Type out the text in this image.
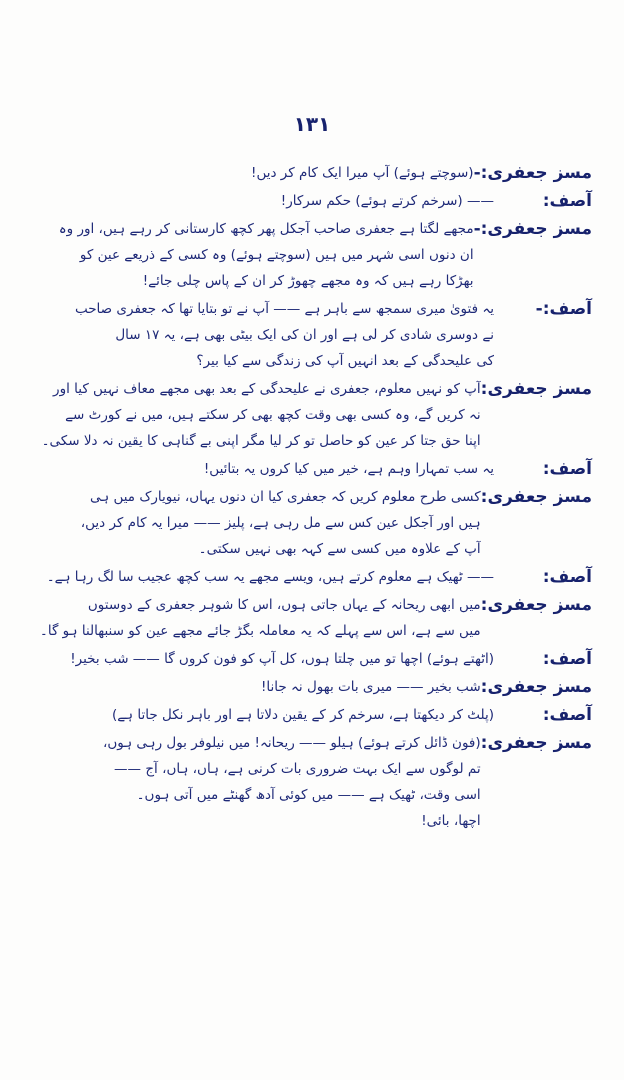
۱۳۱
مسز جعفری:-
(سوچتے ہوئے) آپ میرا ایک کام کر دیں!
آصف:
—— (سرخم کرتے ہوئے) حکم سرکار!
مسز جعفری:-
مجھے لگتا ہے جعفری صاحب آجکل پھر کچھ کارستانی کر رہے ہیں، اور وہ
ان دنوں اسی شہر میں ہیں (سوچتے ہوئے) وہ کسی کے ذریعے عین کو
بھڑکا رہے ہیں کہ وہ مجھے چھوڑ کر ان کے پاس چلی جائے!
آصف:-
یہ فتویٰ میری سمجھ سے باہر ہے —— آپ نے تو بتایا تھا کہ جعفری صاحب
نے دوسری شادی کر لی ہے اور ان کی ایک بیٹی بھی ہے، یہ ۱۷ سال
کی علیحدگی کے بعد انہیں آپ کی زندگی سے کیا بیر؟
مسز جعفری:
آپ کو نہیں معلوم، جعفری نے علیحدگی کے بعد بھی مجھے معاف نہیں کیا اور
نہ کریں گے، وہ کسی بھی وقت کچھ بھی کر سکتے ہیں، میں نے کورٹ سے
اپنا حق جتا کر عین کو حاصل تو کر لیا مگر اپنی بے گناہی کا یقین نہ دلا سکی۔
آصف:
یہ سب تمہارا وہم ہے، خیر میں کیا کروں یہ بتائیں!
مسز جعفری:
کسی طرح معلوم کریں کہ جعفری کیا ان دنوں یہاں، نیویارک میں ہی
ہیں اور آجکل عین کس سے مل رہی ہے، پلیز —— میرا یہ کام کر دیں،
آپ کے علاوہ میں کسی سے کہہ بھی نہیں سکتی۔
آصف:
—— ٹھیک ہے معلوم کرتے ہیں، ویسے مجھے یہ سب کچھ عجیب سا لگ رہا ہے۔
مسز جعفری:
میں ابھی ریحانہ کے یہاں جاتی ہوں، اس کا شوہر جعفری کے دوستوں
میں سے ہے، اس سے پہلے کہ یہ معاملہ بگڑ جائے مجھے عین کو سنبھالنا ہو گا۔
آصف:
(اٹھتے ہوئے) اچھا تو میں چلتا ہوں، کل آپ کو فون کروں گا —— شب بخیر!
مسز جعفری:
شب بخیر —— میری بات بھول نہ جانا!
آصف:
(پلٹ کر دیکھتا ہے، سرخم کر کے یقین دلاتا ہے اور باہر نکل جاتا ہے)
مسز جعفری:
(فون ڈائل کرتے ہوئے) ہیلو —— ریحانہ! میں نیلوفر بول رہی ہوں،
تم لوگوں سے ایک بہت ضروری بات کرنی ہے، ہاں، ہاں، آج ——
اسی وقت، ٹھیک ہے —— میں کوئی آدھ گھنٹے میں آتی ہوں۔
اچھا، بائی!
